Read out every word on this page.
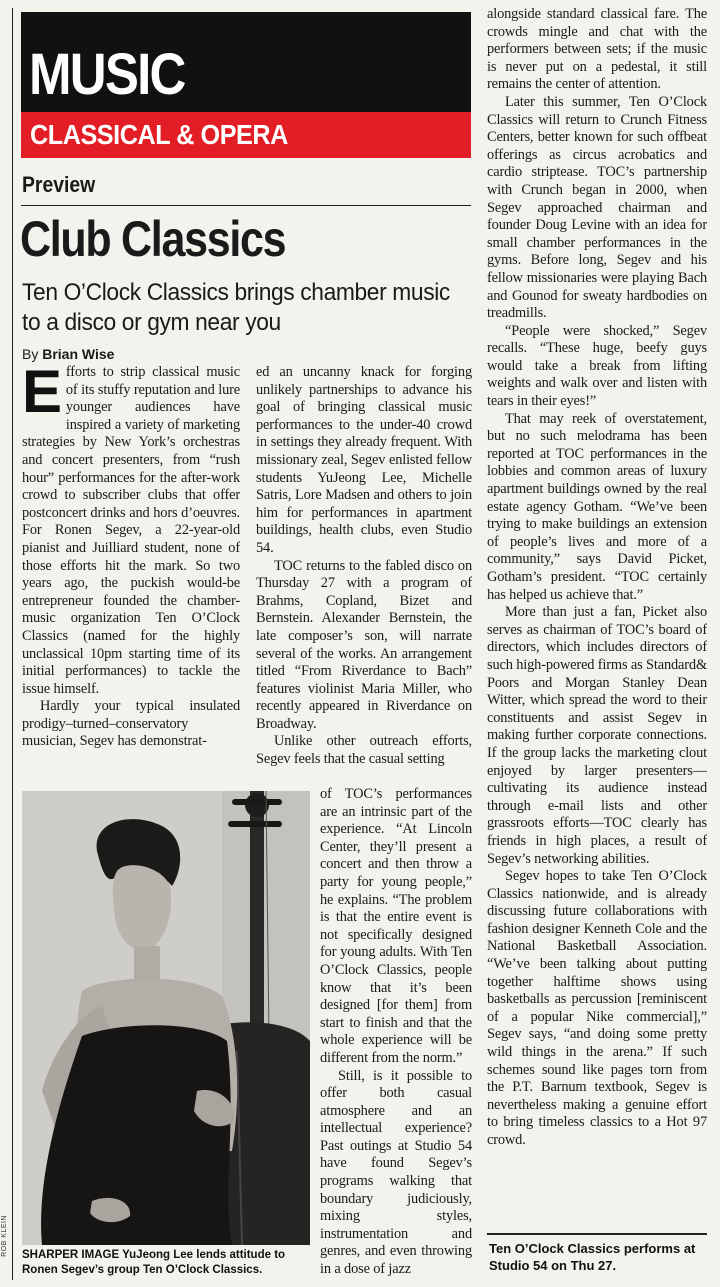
ROB KLEIN
MUSIC
CLASSICAL & OPERA
Preview
Club Classics
Ten O’Clock Classics brings chamber music to a disco or gym near you
By Brian Wise

Efforts to strip classical music of its stuffy reputation and lure younger audiences have inspired a variety of marketing strategies by New York’s orchestras and concert presenters, from “rush hour” performances for the after-work crowd to subscriber clubs that offer postconcert drinks and hors d’oeuvres. For Ronen Segev, a 22-year-old pianist and Juilliard student, none of those efforts hit the mark. So two years ago, the puckish would-be entrepreneur founded the chamber-music organization Ten O’Clock Classics (named for the highly unclassical 10pm starting time of its initial performances) to tackle the issue himself.

Hardly your typical insulated prodigy–turned–conservatory musician, Segev has demonstrat-

ed an uncanny knack for forging unlikely partnerships to advance his goal of bringing classical music performances to the under-40 crowd in settings they already frequent. With missionary zeal, Segev enlisted fellow students YuJeong Lee, Michelle Satris, Lore Madsen and others to join him for performances in apartment buildings, health clubs, even Studio 54.

TOC returns to the fabled disco on Thursday 27 with a program of Brahms, Copland, Bizet and Bernstein. Alexander Bernstein, the late composer’s son, will narrate several of the works. An arrangement titled “From Riverdance to Bach” features violinist Maria Miller, who recently appeared in Riverdance on Broadway.

Unlike other outreach efforts, Segev feels that the casual setting

SHARPER IMAGE YuJeong Lee lends attitude to Ronen Segev’s group Ten O’Clock Classics.

of TOC’s performances are an intrinsic part of the experience. “At Lincoln Center, they’ll present a concert and then throw a party for young people,” he explains. “The problem is that the entire event is not specifically designed for young adults. With Ten O’Clock Classics, people know that it’s been designed [for them] from start to finish and that the whole experience will be different from the norm.”

Still, is it possible to offer both casual atmosphere and an intellectual experience? Past outings at Studio 54 have found Segev’s programs walking that boundary judiciously, mixing styles, instrumentation and genres, and even throwing in a dose of jazz

alongside standard classical fare. The crowds mingle and chat with the performers between sets; if the music is never put on a pedestal, it still remains the center of attention.

Later this summer, Ten O’Clock Classics will return to Crunch Fitness Centers, better known for such offbeat offerings as circus acrobatics and cardio striptease. TOC’s partnership with Crunch began in 2000, when Segev approached chairman and founder Doug Levine with an idea for small chamber performances in the gyms. Before long, Segev and his fellow missionaries were playing Bach and Gounod for sweaty hardbodies on treadmills.

“People were shocked,” Segev recalls. “These huge, beefy guys would take a break from lifting weights and walk over and listen with tears in their eyes!”

That may reek of overstatement, but no such melodrama has been reported at TOC performances in the lobbies and common areas of luxury apartment buildings owned by the real estate agency Gotham. “We’ve been trying to make buildings an extension of people’s lives and more of a community,” says David Picket, Gotham’s president. “TOC certainly has helped us achieve that.”

More than just a fan, Picket also serves as chairman of TOC’s board of directors, which includes directors of such high-powered firms as Standard& Poors and Morgan Stanley Dean Witter, which spread the word to their constituents and assist Segev in making further corporate connections. If the group lacks the marketing clout enjoyed by larger presenters—cultivating its audience instead through e-mail lists and other grassroots efforts—TOC clearly has friends in high places, a result of Segev’s networking abilities.

Segev hopes to take Ten O’Clock Classics nationwide, and is already discussing future collaborations with fashion designer Kenneth Cole and the National Basketball Association. “We’ve been talking about putting together halftime shows using basketballs as percussion [reminiscent of a popular Nike commercial],” Segev says, “and doing some pretty wild things in the arena.” If such schemes sound like pages torn from the P.T. Barnum textbook, Segev is nevertheless making a genuine effort to bring timeless classics to a Hot 97 crowd.

Ten O’Clock Classics performs at Studio 54 on Thu 27.
